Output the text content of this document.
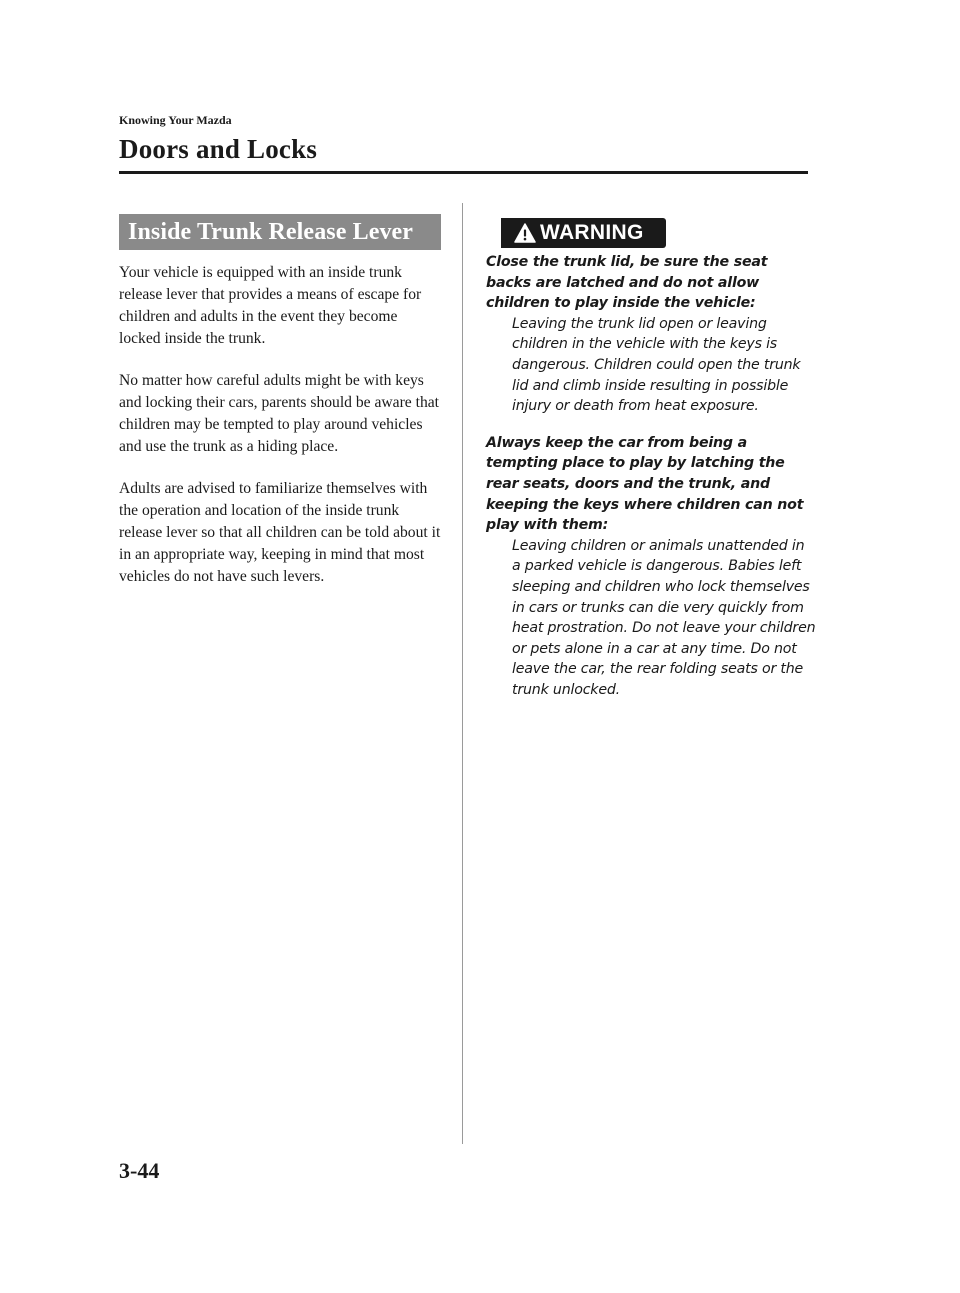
Knowing Your Mazda
Doors and Locks
Inside Trunk Release Lever

Your vehicle is equipped with an inside trunk release lever that provides a means of escape for children and adults in the event they become locked inside the trunk.

No matter how careful adults might be with keys and locking their cars, parents should be aware that children may be tempted to play around vehicles and use the trunk as a hiding place.

Adults are advised to familiarize themselves with the operation and location of the inside trunk release lever so that all children can be told about it in an appropriate way, keeping in mind that most vehicles do not have such levers.

WARNING

Close the trunk lid, be sure the seat backs are latched and do not allow children to play inside the vehicle:

Leaving the trunk lid open or leaving children in the vehicle with the keys is dangerous. Children could open the trunk lid and climb inside resulting in possible injury or death from heat exposure.

Always keep the car from being a tempting place to play by latching the rear seats, doors and the trunk, and keeping the keys where children can not play with them:

Leaving children or animals unattended in a parked vehicle is dangerous. Babies left sleeping and children who lock themselves in cars or trunks can die very quickly from heat prostration. Do not leave your children or pets alone in a car at any time. Do not leave the car, the rear folding seats or the trunk unlocked.

3-44
